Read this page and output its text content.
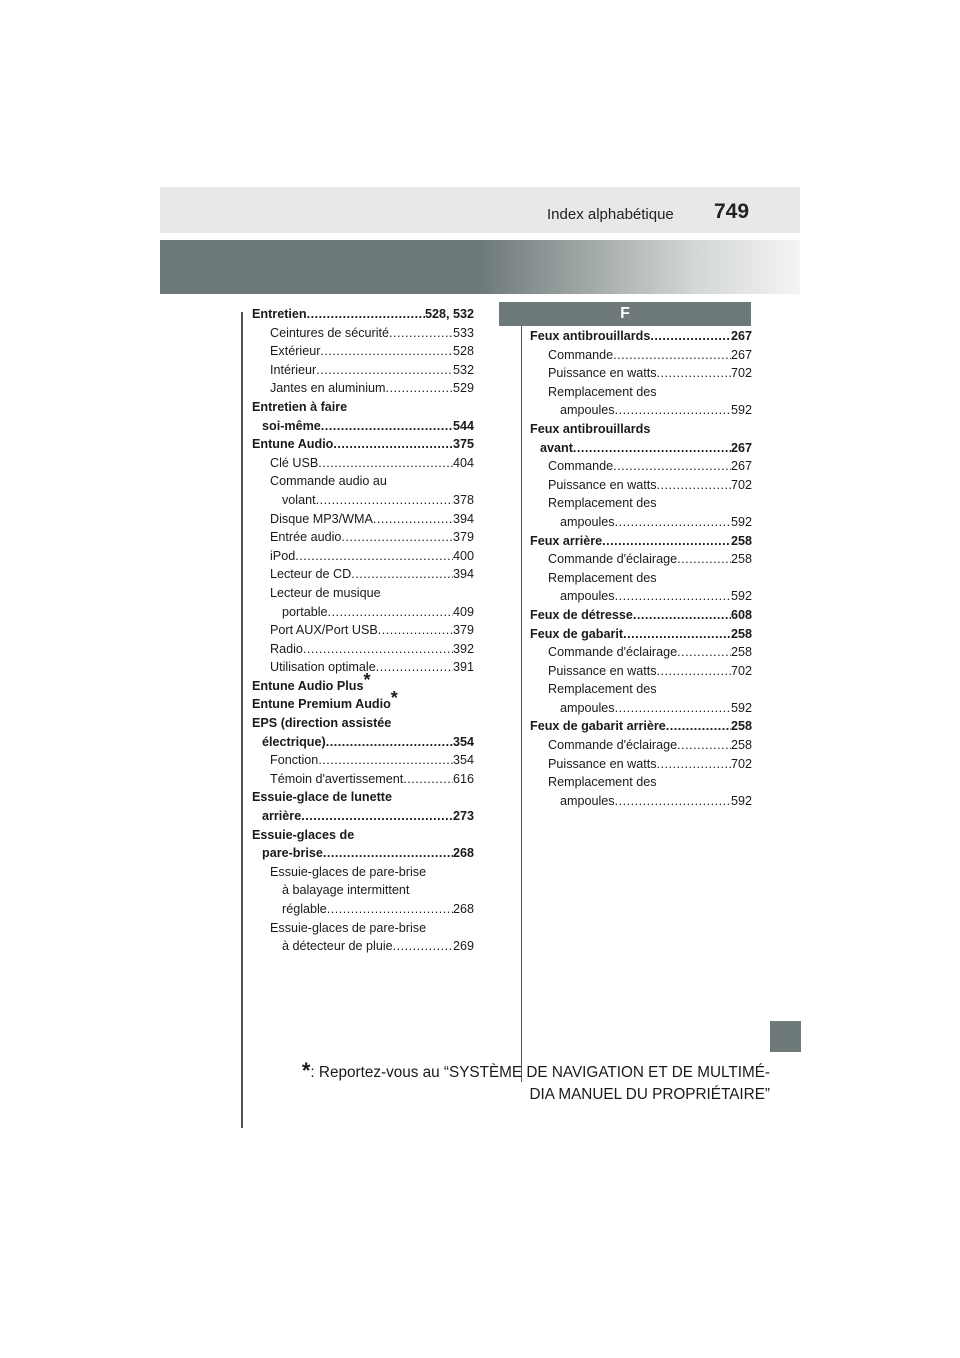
Index alphabétique 749
Entretien .....	528, 532
Ceintures de sécurité .....	533
Extérieur .....	528
Intérieur .....	532
Jantes en aluminium .....	529
Entretien à faire
soi-même .....	544
Entune Audio .....	375
Clé USB .....	404
Commande audio au
volant .....	378
Disque MP3/WMA .....	394
Entrée audio .....	379
iPod .....	400
Lecteur de CD .....	394
Lecteur de musique
portable .....	409
Port AUX/Port USB .....	379
Radio .....	392
Utilisation optimale .....	391
Entune Audio Plus*
Entune Premium Audio*
EPS (direction assistée
électrique) .....	354
Fonction .....	354
Témoin d'avertissement .....	616
Essuie-glace de lunette
arrière .....	273
Essuie-glaces de
pare-brise .....	268
Essuie-glaces de pare-brise
à balayage intermittent
réglable .....	268
Essuie-glaces de pare-brise
à détecteur de pluie .....	269
F
Feux antibrouillards .....	267
Commande .....	267
Puissance en watts .....	702
Remplacement des
ampoules .....	592
Feux antibrouillards
avant .....	267
Commande .....	267
Puissance en watts .....	702
Remplacement des
ampoules .....	592
Feux arrière .....	258
Commande d'éclairage .....	258
Remplacement des
ampoules .....	592
Feux de détresse .....	608
Feux de gabarit .....	258
Commande d'éclairage .....	258
Puissance en watts .....	702
Remplacement des
ampoules .....	592
Feux de gabarit arrière .....	258
Commande d'éclairage .....	258
Puissance en watts .....	702
Remplacement des
ampoules .....	592
*: Reportez-vous au “SYSTÈME DE NAVIGATION ET DE MULTIMÉ-
DIA MANUEL DU PROPRIÉTAIRE”
